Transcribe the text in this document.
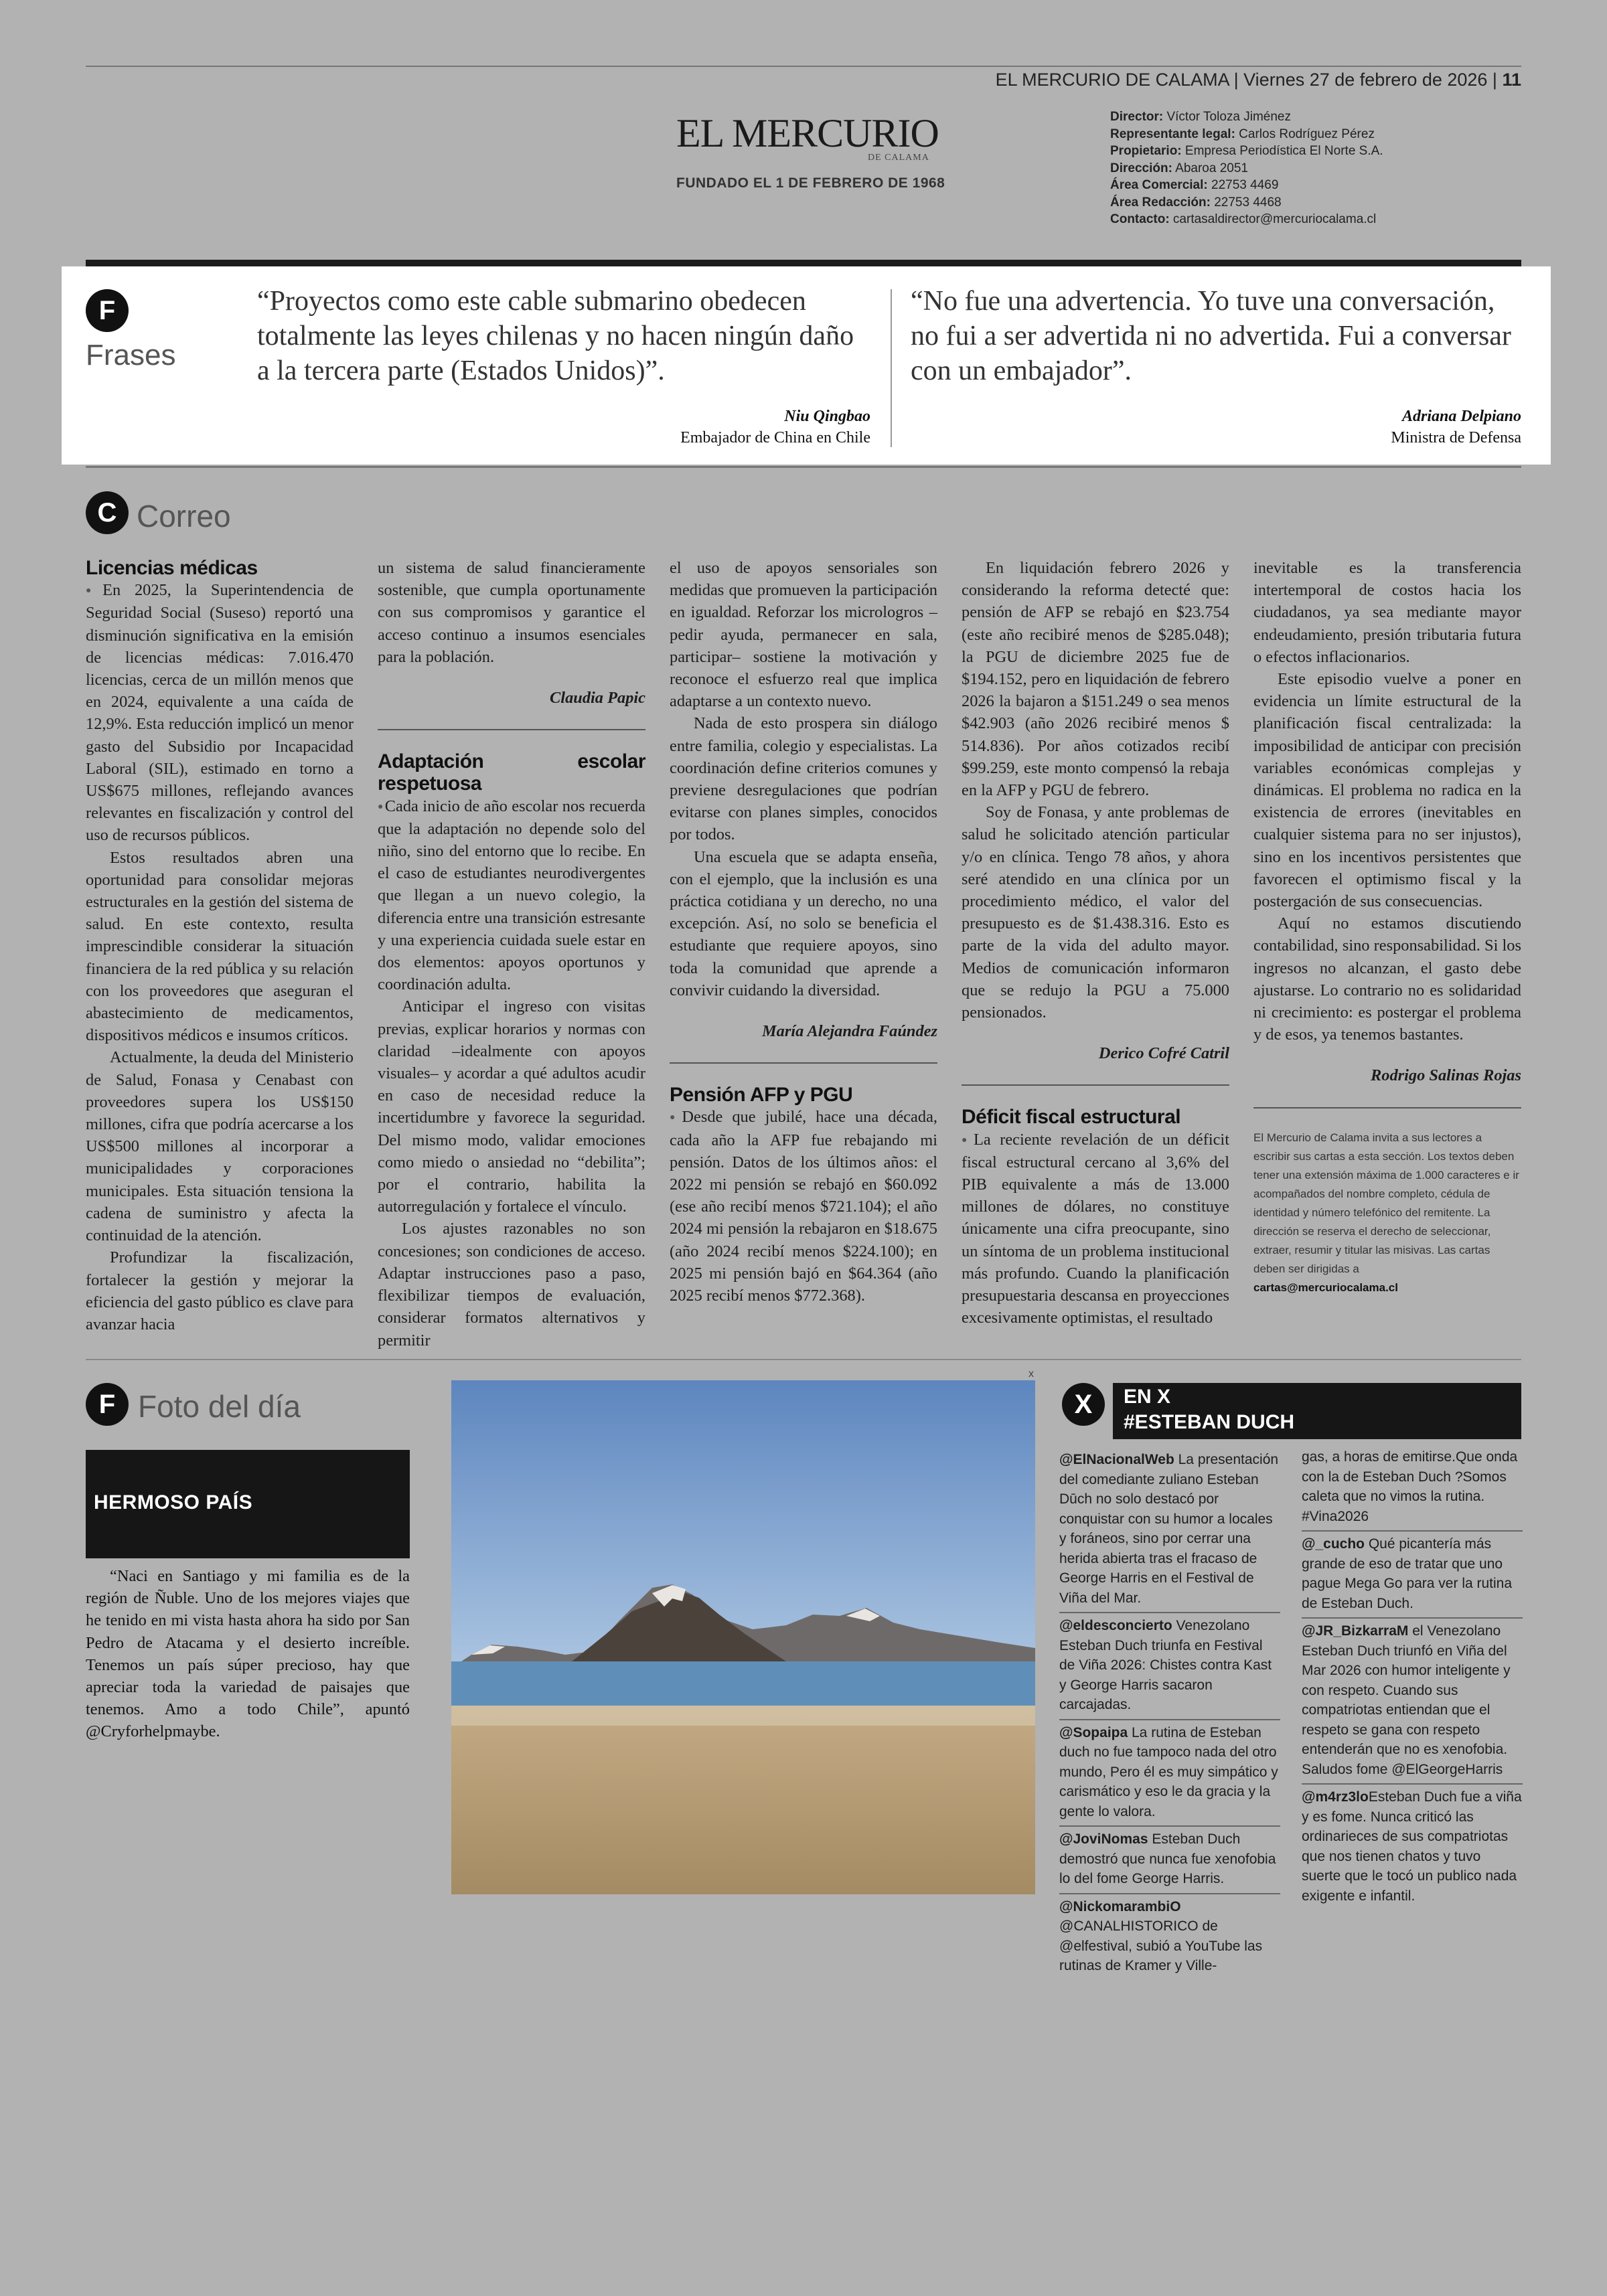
EL MERCURIO DE CALAMA | Viernes 27 de febrero de 2026 | 11
EL MERCURIO
DE CALAMA
FUNDADO EL 1 DE FEBRERO DE 1968
Director: Víctor Toloza Jiménez
Representante legal: Carlos Rodríguez Pérez
Propietario: Empresa Periodística El Norte S.A.
Dirección: Abaroa 2051
Área Comercial: 22753 4469
Área Redacción: 22753 4468
Contacto: cartasaldirector@mercuriocalama.cl
F
Frases
“Proyectos como este cable submarino obedecen totalmente las leyes chilenas y no hacen ningún daño a la tercera parte (Estados Unidos)”.
Niu Qingbao
Embajador de China en Chile
“No fue una advertencia. Yo tuve una conversación, no fui a ser advertida ni no advertida. Fui a conversar con un embajador”.
Adriana Delpiano
Ministra de Defensa
C Correo

Licencias médicas

● En 2025, la Superintendencia de Seguridad Social (Suseso) reportó una disminución significativa en la emisión de licencias médicas: 7.016.470 licencias, cerca de un millón menos que en 2024, equivalente a una caída de 12,9%. Esta reducción implicó un menor gasto del Subsidio por Incapacidad Laboral (SIL), estimado en torno a US$675 millones, reflejando avances relevantes en fiscalización y control del uso de recursos públicos.

Estos resultados abren una oportunidad para consolidar mejoras estructurales en la gestión del sistema de salud. En este contexto, resulta imprescindible considerar la situación financiera de la red pública y su relación con los proveedores que aseguran el abastecimiento de medicamentos, dispositivos médicos e insumos críticos.

Actualmente, la deuda del Ministerio de Salud, Fonasa y Cenabast con proveedores supera los US$150 millones, cifra que podría acercarse a los US$500 millones al incorporar a municipalidades y corporaciones municipales. Esta situación tensiona la cadena de suministro y afecta la continuidad de la atención.

Profundizar la fiscalización, fortalecer la gestión y mejorar la eficiencia del gasto público es clave para avanzar hacia

un sistema de salud financieramente sostenible, que cumpla oportunamente con sus compromisos y garantice el acceso continuo a insumos esenciales para la población.

Claudia Papic

Adaptación escolar respetuosa

● Cada inicio de año escolar nos recuerda que la adaptación no depende solo del niño, sino del entorno que lo recibe. En el caso de estudiantes neurodivergentes que llegan a un nuevo colegio, la diferencia entre una transición estresante y una experiencia cuidada suele estar en dos elementos: apoyos oportunos y coordinación adulta.

Anticipar el ingreso con visitas previas, explicar horarios y normas con claridad –idealmente con apoyos visuales– y acordar a qué adultos acudir en caso de necesidad reduce la incertidumbre y favorece la seguridad. Del mismo modo, validar emociones como miedo o ansiedad no “debilita”; por el contrario, habilita la autorregulación y fortalece el vínculo.

Los ajustes razonables no son concesiones; son condiciones de acceso. Adaptar instrucciones paso a paso, flexibilizar tiempos de evaluación, considerar formatos alternativos y permitir

el uso de apoyos sensoriales son medidas que promueven la participación en igualdad. Reforzar los micrologros –pedir ayuda, permanecer en sala, participar– sostiene la motivación y reconoce el esfuerzo real que implica adaptarse a un contexto nuevo.

Nada de esto prospera sin diálogo entre familia, colegio y especialistas. La coordinación define criterios comunes y previene desregulaciones que podrían evitarse con planes simples, conocidos por todos.

Una escuela que se adapta enseña, con el ejemplo, que la inclusión es una práctica cotidiana y un derecho, no una excepción. Así, no solo se beneficia el estudiante que requiere apoyos, sino toda la comunidad que aprende a convivir cuidando la diversidad.

María Alejandra Faúndez

Pensión AFP y PGU

● Desde que jubilé, hace una década, cada año la AFP fue rebajando mi pensión. Datos de los últimos años: el 2022 mi pensión se rebajó en $60.092 (ese año recibí menos $721.104); el año 2024 mi pensión la rebajaron en $18.675 (año 2024 recibí menos $224.100); en 2025 mi pensión bajó en $64.364 (año 2025 recibí menos $772.368).

En liquidación febrero 2026 y considerando la reforma detecté que: pensión de AFP se rebajó en $23.754 (este año recibiré menos de $285.048); la PGU de diciembre 2025 fue de $194.152, pero en liquidación de febrero 2026 la bajaron a $151.249 o sea menos $42.903 (año 2026 recibiré menos $ 514.836). Por años cotizados recibí $99.259, este monto compensó la rebaja en la AFP y PGU de febrero.

Soy de Fonasa, y ante problemas de salud he solicitado atención particular y/o en clínica. Tengo 78 años, y ahora seré atendido en una clínica por un procedimiento médico, el valor del presupuesto es de $1.438.316. Esto es parte de la vida del adulto mayor. Medios de comunicación informaron que se redujo la PGU a 75.000 pensionados.

Derico Cofré Catril

Déficit fiscal estructural

● La reciente revelación de un déficit fiscal estructural cercano al 3,6% del PIB equivalente a más de 13.000 millones de dólares, no constituye únicamente una cifra preocupante, sino un síntoma de un problema institucional más profundo. Cuando la planificación presupuestaria descansa en proyecciones excesivamente optimistas, el resultado

inevitable es la transferencia intertemporal de costos hacia los ciudadanos, ya sea mediante mayor endeudamiento, presión tributaria futura o efectos inflacionarios.

Este episodio vuelve a poner en evidencia un límite estructural de la planificación fiscal centralizada: la imposibilidad de anticipar con precisión variables económicas complejas y dinámicas. El problema no radica en la existencia de errores (inevitables en cualquier sistema para no ser injustos), sino en los incentivos persistentes que favorecen el optimismo fiscal y la postergación de sus consecuencias.

Aquí no estamos discutiendo contabilidad, sino responsabilidad. Si los ingresos no alcanzan, el gasto debe ajustarse. Lo contrario no es solidaridad ni crecimiento: es postergar el problema y de esos, ya tenemos bastantes.

Rodrigo Salinas Rojas

El Mercurio de Calama invita a sus lectores a escribir sus cartas a esta sección. Los textos deben tener una extensión máxima de 1.000 caracteres e ir acompañados del nombre completo, cédula de identidad y número telefónico del remitente. La dirección se reserva el derecho de seleccionar, extraer, resumir y titular las misivas. Las cartas deben ser dirigidas a
cartas@mercuriocalama.cl
F Foto del día
HERMOSO PAÍS
“Naci en Santiago y mi familia es de la región de Ñuble. Uno de los mejores viajes que he tenido en mi vista hasta ahora ha sido por San Pedro de Atacama y el desierto increíble. Tenemos un país súper precioso, hay que apreciar toda la variedad de paisajes que tenemos. Amo a todo Chile”, apuntó @Cryforhelpmaybe.
x
X	EN X
#ESTEBAN DUCH
@ElNacionalWeb La presentación del comediante zuliano Esteban Dūch no solo destacó por conquistar con su humor a locales y foráneos, sino por cerrar una herida abierta tras el fracaso de George Harris en el Festival de Viña del Mar.
@eldesconcierto Venezolano Esteban Duch triunfa en Festival de Viña 2026: Chistes contra Kast y George Harris sacaron carcajadas.
@Sopaipa La rutina de Esteban duch no fue tampoco nada del otro mundo, Pero él es muy simpático y carismático y eso le da gracia y la gente lo valora.
@JoviNomas Esteban Duch demostró que nunca fue xenofobia lo del fome George Harris.
@NickomarambiO @CANALHISTORICO de @elfestival, subió a YouTube las rutinas de Kramer y Ville-
gas, a horas de emitirse.Que onda con la de Esteban Duch ?Somos caleta que no vimos la rutina. #Vina2026
@_cucho Qué picantería más grande de eso de tratar que uno pague Mega Go para ver la rutina de Esteban Duch.
@JR_BizkarraM el Venezolano Esteban Duch triunfó en Viña del Mar 2026 con humor inteligente y con respeto. Cuando sus compatriotas entiendan que el respeto se gana con respeto entenderán que no es xenofobia. Saludos fome @ElGeorgeHarris
@m4rz3loEsteban Duch fue a viña y es fome. Nunca criticó las ordinarieces de sus compatriotas que nos tienen chatos y tuvo suerte que le tocó un publico nada exigente e infantil.
